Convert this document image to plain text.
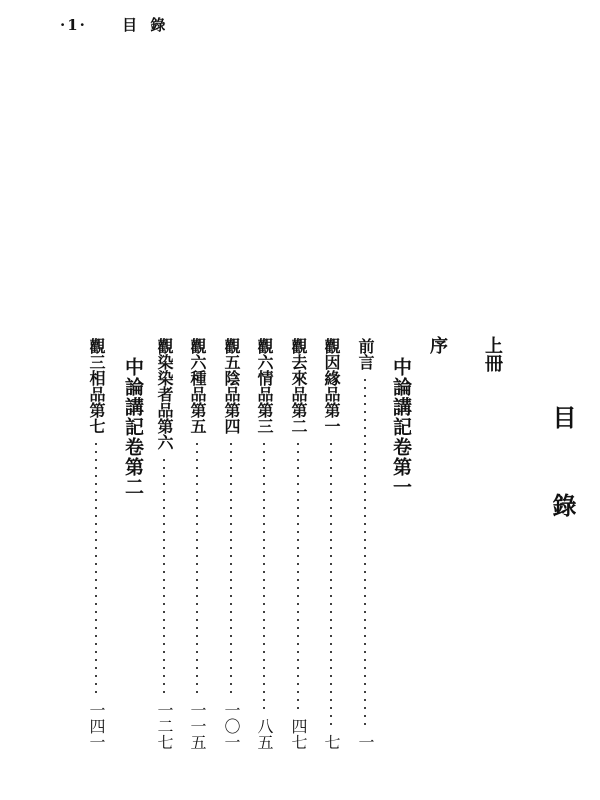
·1· 目 錄
目
錄
上冊
序
中論講記卷第一
中論講記卷第二
前言
一
觀因緣品第一
七
觀去來品第二
四七
觀六情品第三
八五
觀五陰品第四
一〇一
觀六種品第五
一一五
觀染染者品第六
一二七
觀三相品第七
一四一
